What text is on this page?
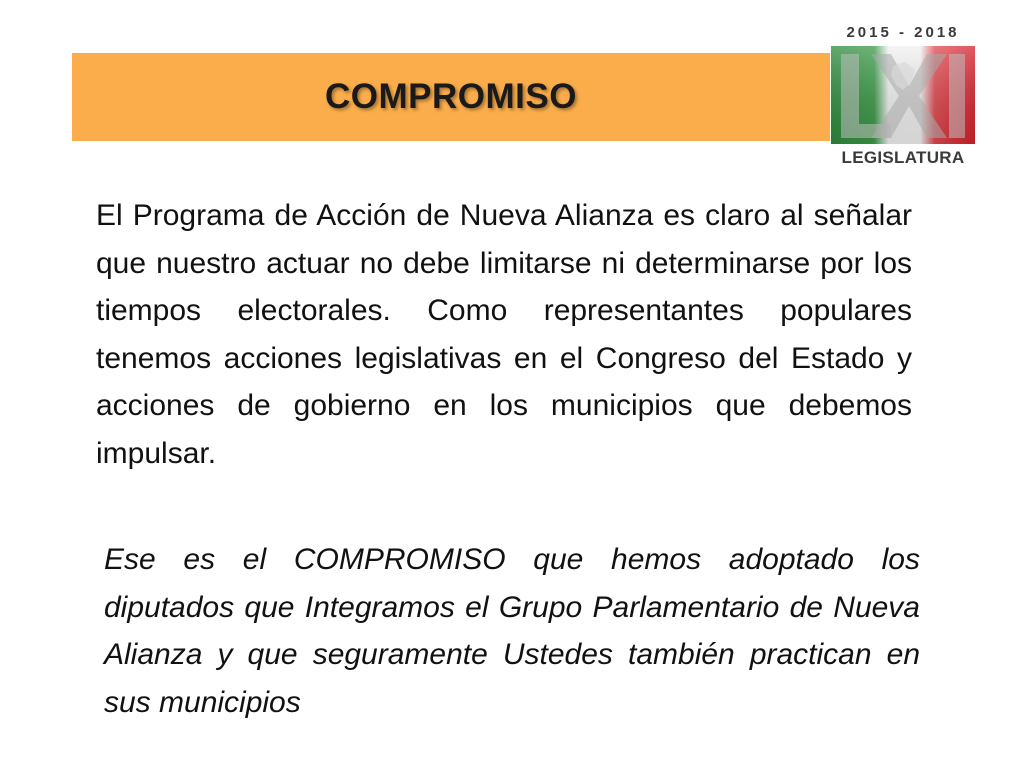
COMPROMISO
2015 - 2018
LEGISLATURA

El Programa de Acción de Nueva Alianza es claro al señalar que nuestro actuar no debe limitarse ni determinarse por los tiempos electorales. Como representantes populares tenemos acciones legislativas en el Congreso del Estado y acciones de gobierno en los municipios que debemos impulsar.

Ese es el COMPROMISO que hemos adoptado los diputados que Integramos el Grupo Parlamentario de Nueva Alianza y que seguramente Ustedes también practican en sus municipios
